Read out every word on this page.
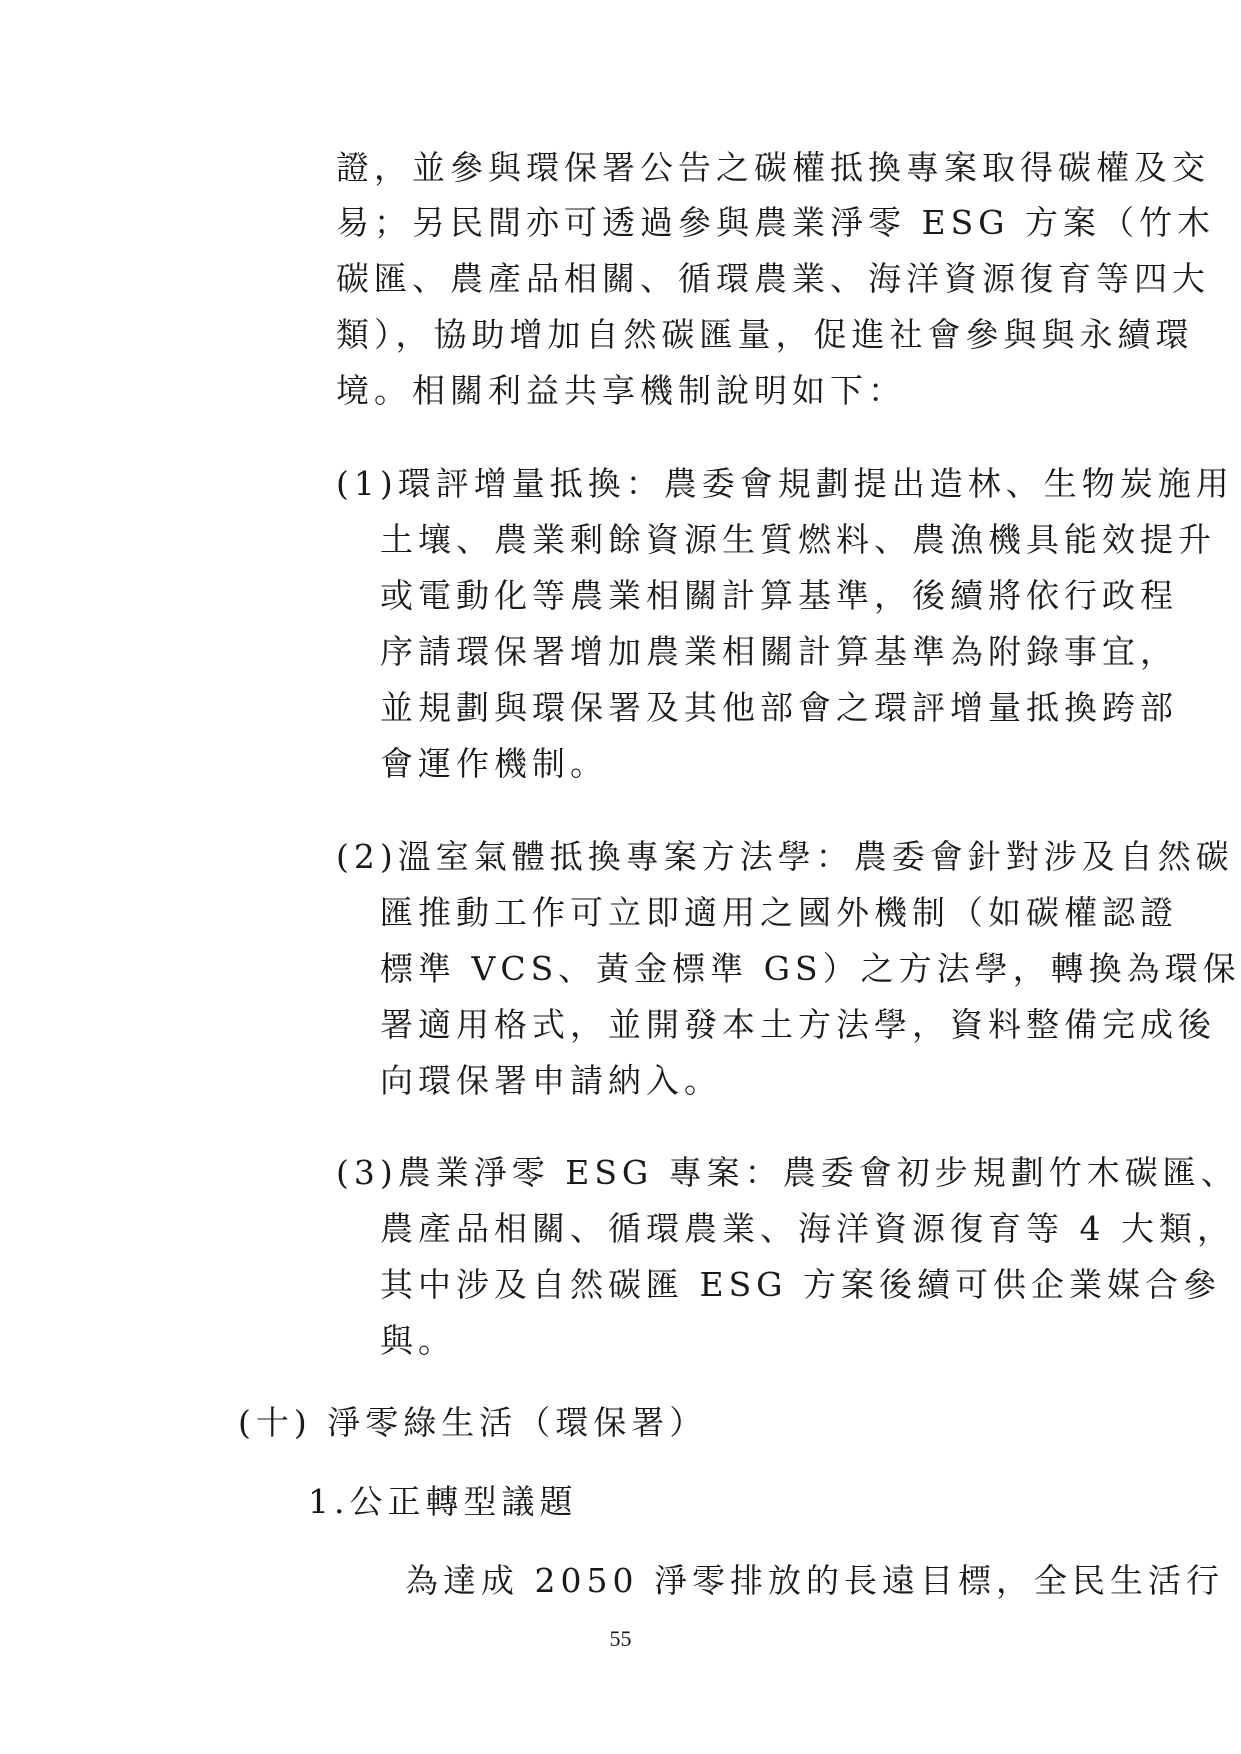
證，並參與環保署公告之碳權抵換專案取得碳權及交
易；另民間亦可透過參與農業淨零 ESG 方案（竹木
碳匯、農產品相關、循環農業、海洋資源復育等四大
類），協助增加自然碳匯量，促進社會參與與永續環
境。相關利益共享機制說明如下：
(1)環評增量抵換：農委會規劃提出造林、生物炭施用
土壤、農業剩餘資源生質燃料、農漁機具能效提升
或電動化等農業相關計算基準，後續將依行政程
序請環保署增加農業相關計算基準為附錄事宜，
並規劃與環保署及其他部會之環評增量抵換跨部
會運作機制。
(2)溫室氣體抵換專案方法學：農委會針對涉及自然碳
匯推動工作可立即適用之國外機制（如碳權認證
標準 VCS、黃金標準 GS）之方法學，轉換為環保
署適用格式，並開發本土方法學，資料整備完成後
向環保署申請納入。
(3)農業淨零 ESG 專案：農委會初步規劃竹木碳匯、
農產品相關、循環農業、海洋資源復育等 4 大類，
其中涉及自然碳匯 ESG 方案後續可供企業媒合參
與。
(十) 淨零綠生活（環保署）
1.公正轉型議題
為達成 2050 淨零排放的長遠目標，全民生活行
55
